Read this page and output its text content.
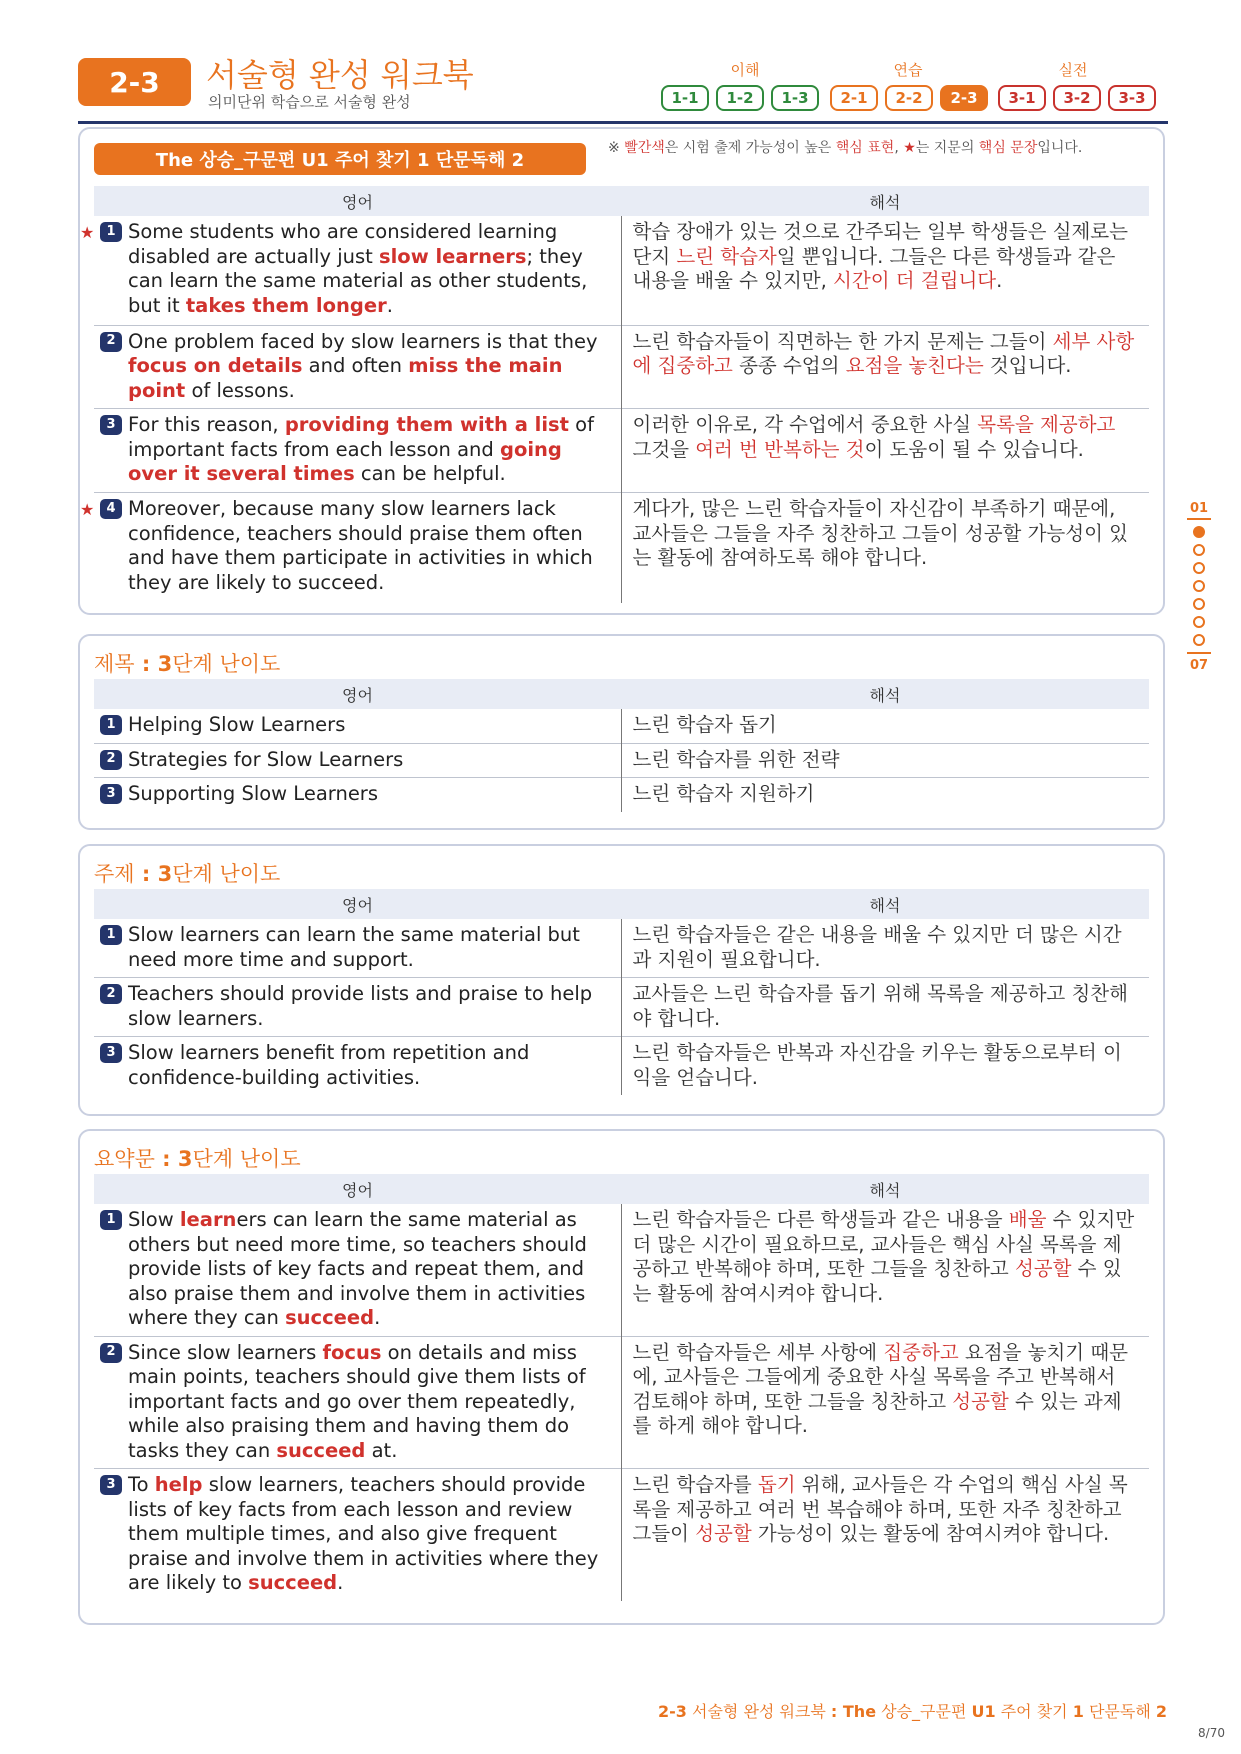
2-3	서술형 완성 워크북
의미단위 학습으로 서술형 완성
이해	연습	실전
1-1	1-2	1-3	2-1	2-2	2-3	3-1	3-2	3-3
The 상승_구문편 U1 주어 찾기 1 단문독해 2
※ 빨간색은 시험 출제 가능성이 높은 핵심 표현, ★는 지문의 핵심 문장입니다.
영어	해석

★ 1 Some students who are considered learning disabled are actually just slow learners; they can learn the same material as other students, but it takes them longer.	학습 장애가 있는 것으로 간주되는 일부 학생들은 실제로는 단지 느린 학습자일 뿐입니다. 그들은 다른 학생들과 같은 내용을 배울 수 있지만, 시간이 더 걸립니다.

2 One problem faced by slow learners is that they focus on details and often miss the main point of lessons.	느린 학습자들이 직면하는 한 가지 문제는 그들이 세부 사항에 집중하고 종종 수업의 요점을 놓친다는 것입니다.

3 For this reason, providing them with a list of important facts from each lesson and going over it several times can be helpful.	이러한 이유로, 각 수업에서 중요한 사실 목록을 제공하고 그것을 여러 번 반복하는 것이 도움이 될 수 있습니다.

★ 4 Moreover, because many slow learners lack confidence, teachers should praise them often and have them participate in activities in which they are likely to succeed.	게다가, 많은 느린 학습자들이 자신감이 부족하기 때문에, 교사들은 그들을 자주 칭찬하고 그들이 성공할 가능성이 있는 활동에 참여하도록 해야 합니다.
01
07
제목 : 3단계 난이도
영어	해석

1 Helping Slow Learners	느린 학습자 돕기

2 Strategies for Slow Learners	느린 학습자를 위한 전략

3 Supporting Slow Learners	느린 학습자 지원하기
주제 : 3단계 난이도
영어	해석

1 Slow learners can learn the same material but need more time and support.	느린 학습자들은 같은 내용을 배울 수 있지만 더 많은 시간과 지원이 필요합니다.

2 Teachers should provide lists and praise to help slow learners.	교사들은 느린 학습자를 돕기 위해 목록을 제공하고 칭찬해야 합니다.

3 Slow learners benefit from repetition and confidence-building activities.	느린 학습자들은 반복과 자신감을 키우는 활동으로부터 이익을 얻습니다.
요약문 : 3단계 난이도
영어	해석

1 Slow learners can learn the same material as others but need more time, so teachers should provide lists of key facts and repeat them, and also praise them and involve them in activities where they can succeed.	느린 학습자들은 다른 학생들과 같은 내용을 배울 수 있지만 더 많은 시간이 필요하므로, 교사들은 핵심 사실 목록을 제공하고 반복해야 하며, 또한 그들을 칭찬하고 성공할 수 있는 활동에 참여시켜야 합니다.

2 Since slow learners focus on details and miss main points, teachers should give them lists of important facts and go over them repeatedly, while also praising them and having them do tasks they can succeed at.	느린 학습자들은 세부 사항에 집중하고 요점을 놓치기 때문에, 교사들은 그들에게 중요한 사실 목록을 주고 반복해서 검토해야 하며, 또한 그들을 칭찬하고 성공할 수 있는 과제를 하게 해야 합니다.

3 To help slow learners, teachers should provide lists of key facts from each lesson and review them multiple times, and also give frequent praise and involve them in activities where they are likely to succeed.	느린 학습자를 돕기 위해, 교사들은 각 수업의 핵심 사실 목록을 제공하고 여러 번 복습해야 하며, 또한 자주 칭찬하고 그들이 성공할 가능성이 있는 활동에 참여시켜야 합니다.
2-3 서술형 완성 워크북 : The 상승_구문편 U1 주어 찾기 1 단문독해 2
8/70
